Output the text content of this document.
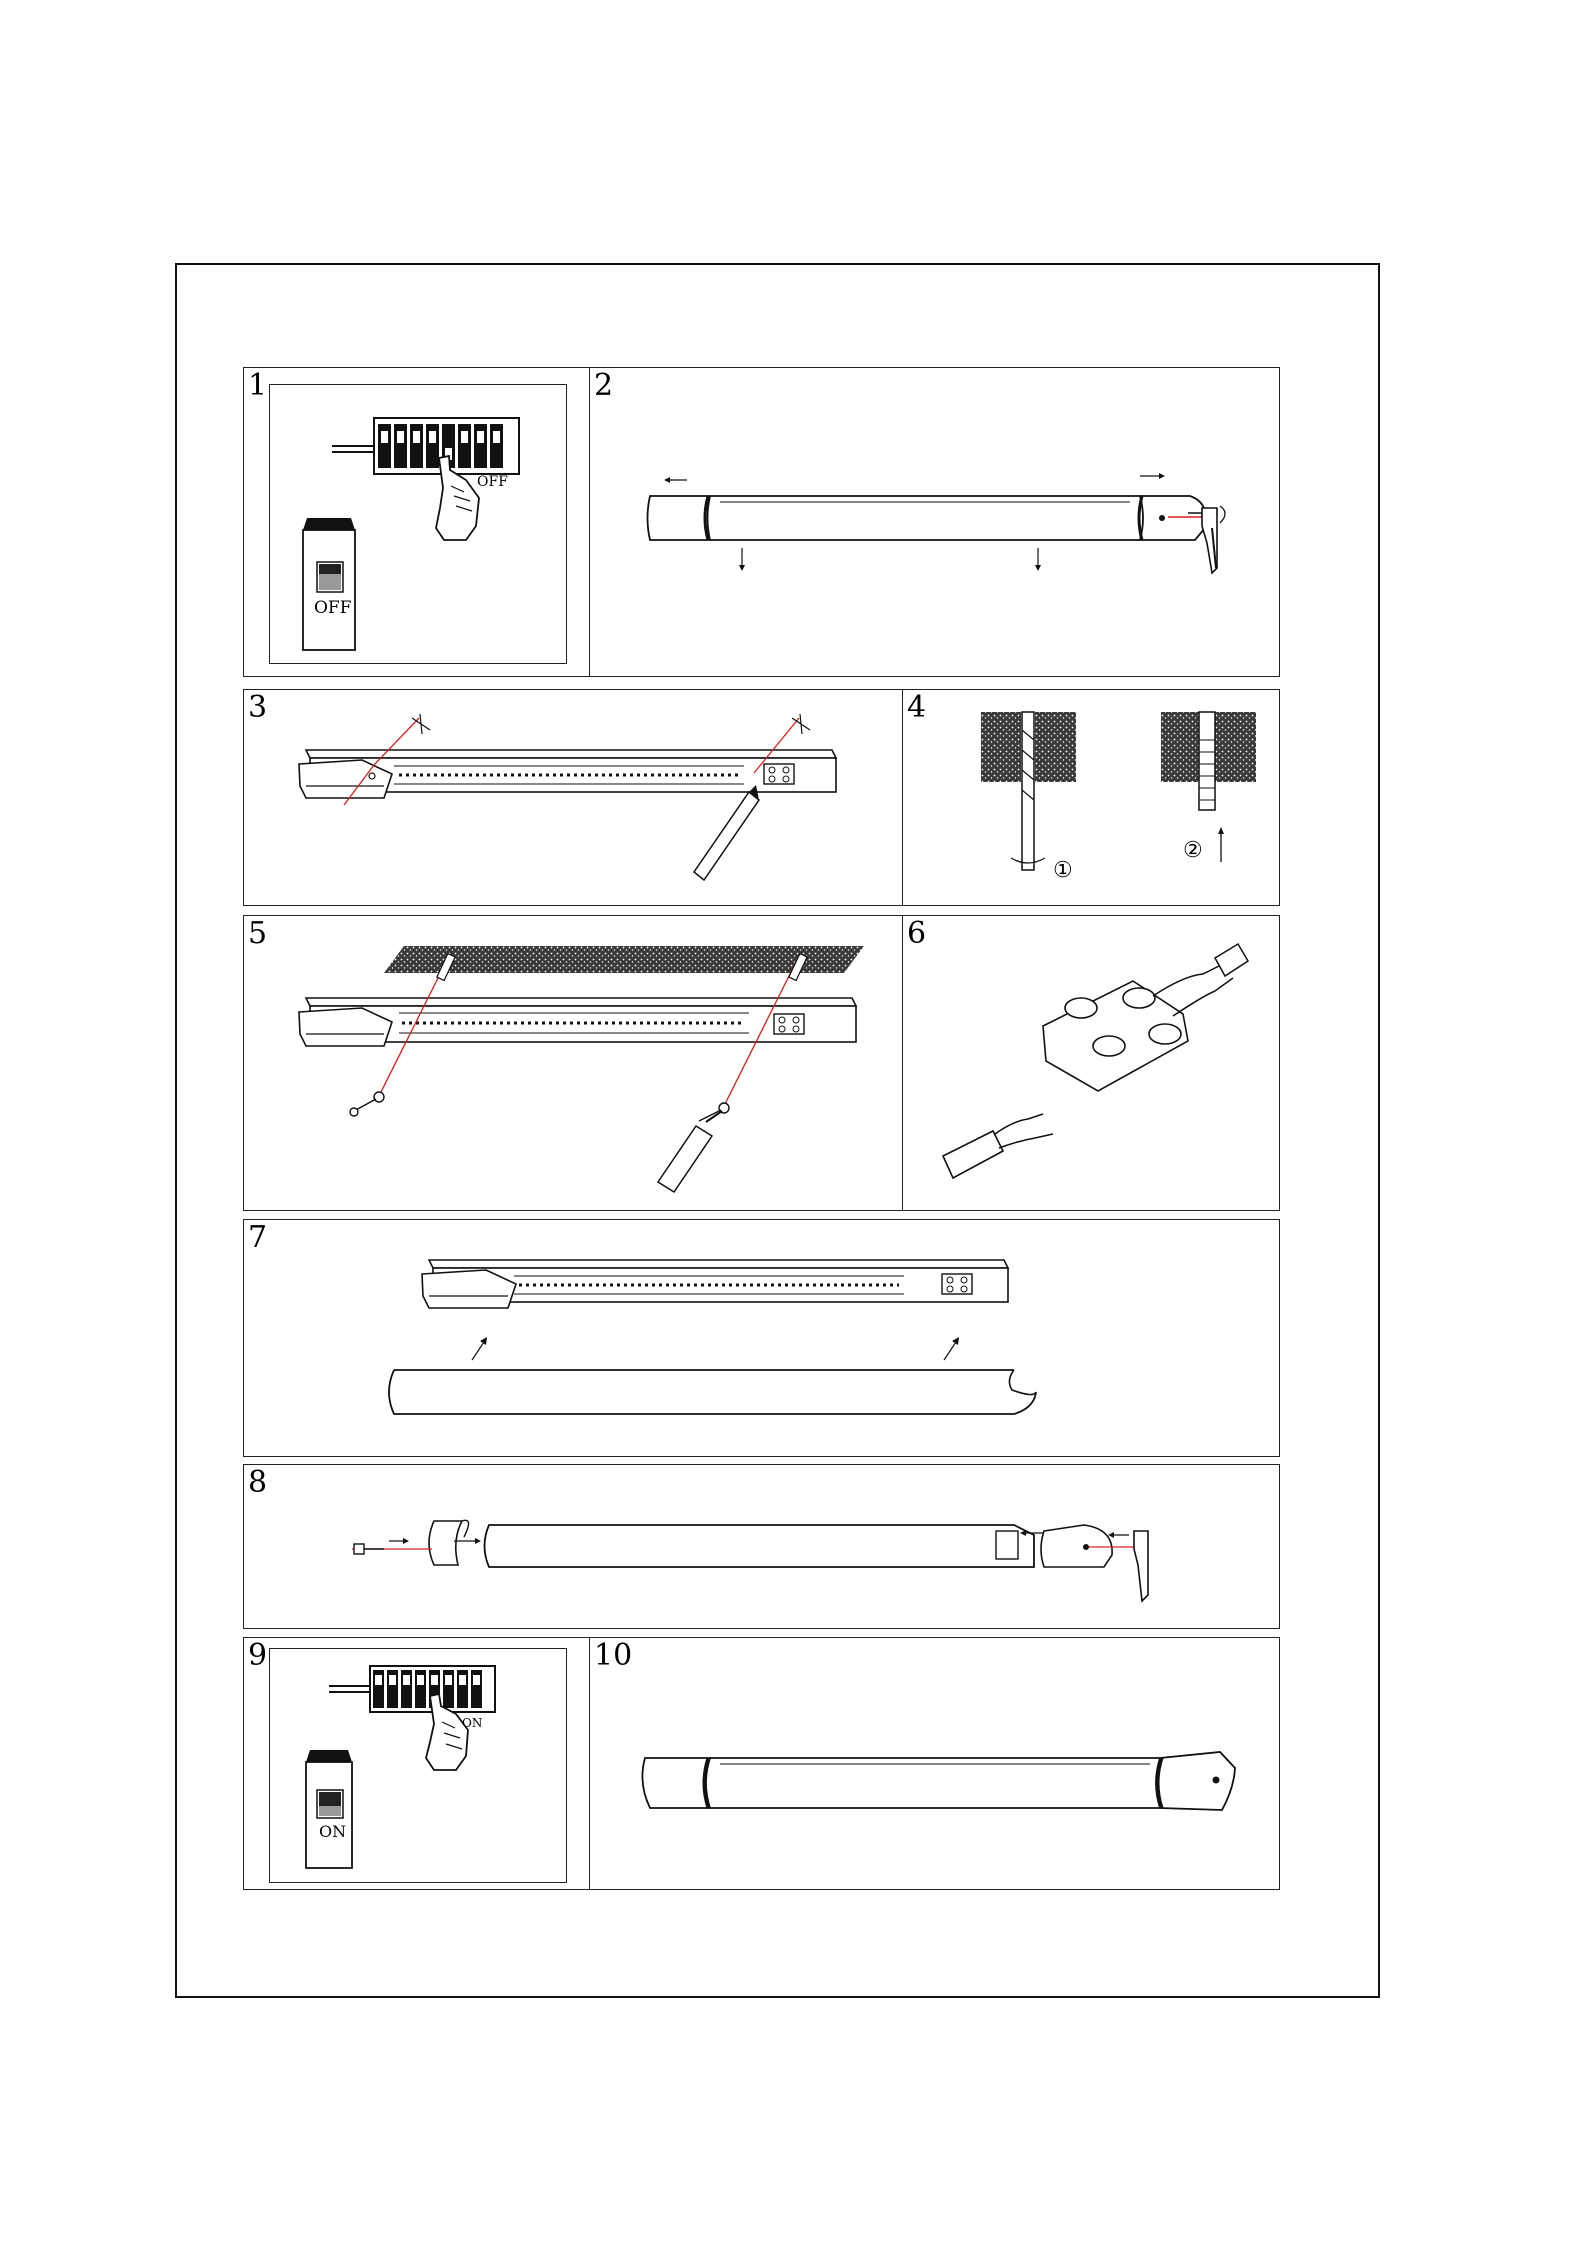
1
OFF
OFF
2
3	4
①
②
5	6
7
8
9
ON
ON
10
